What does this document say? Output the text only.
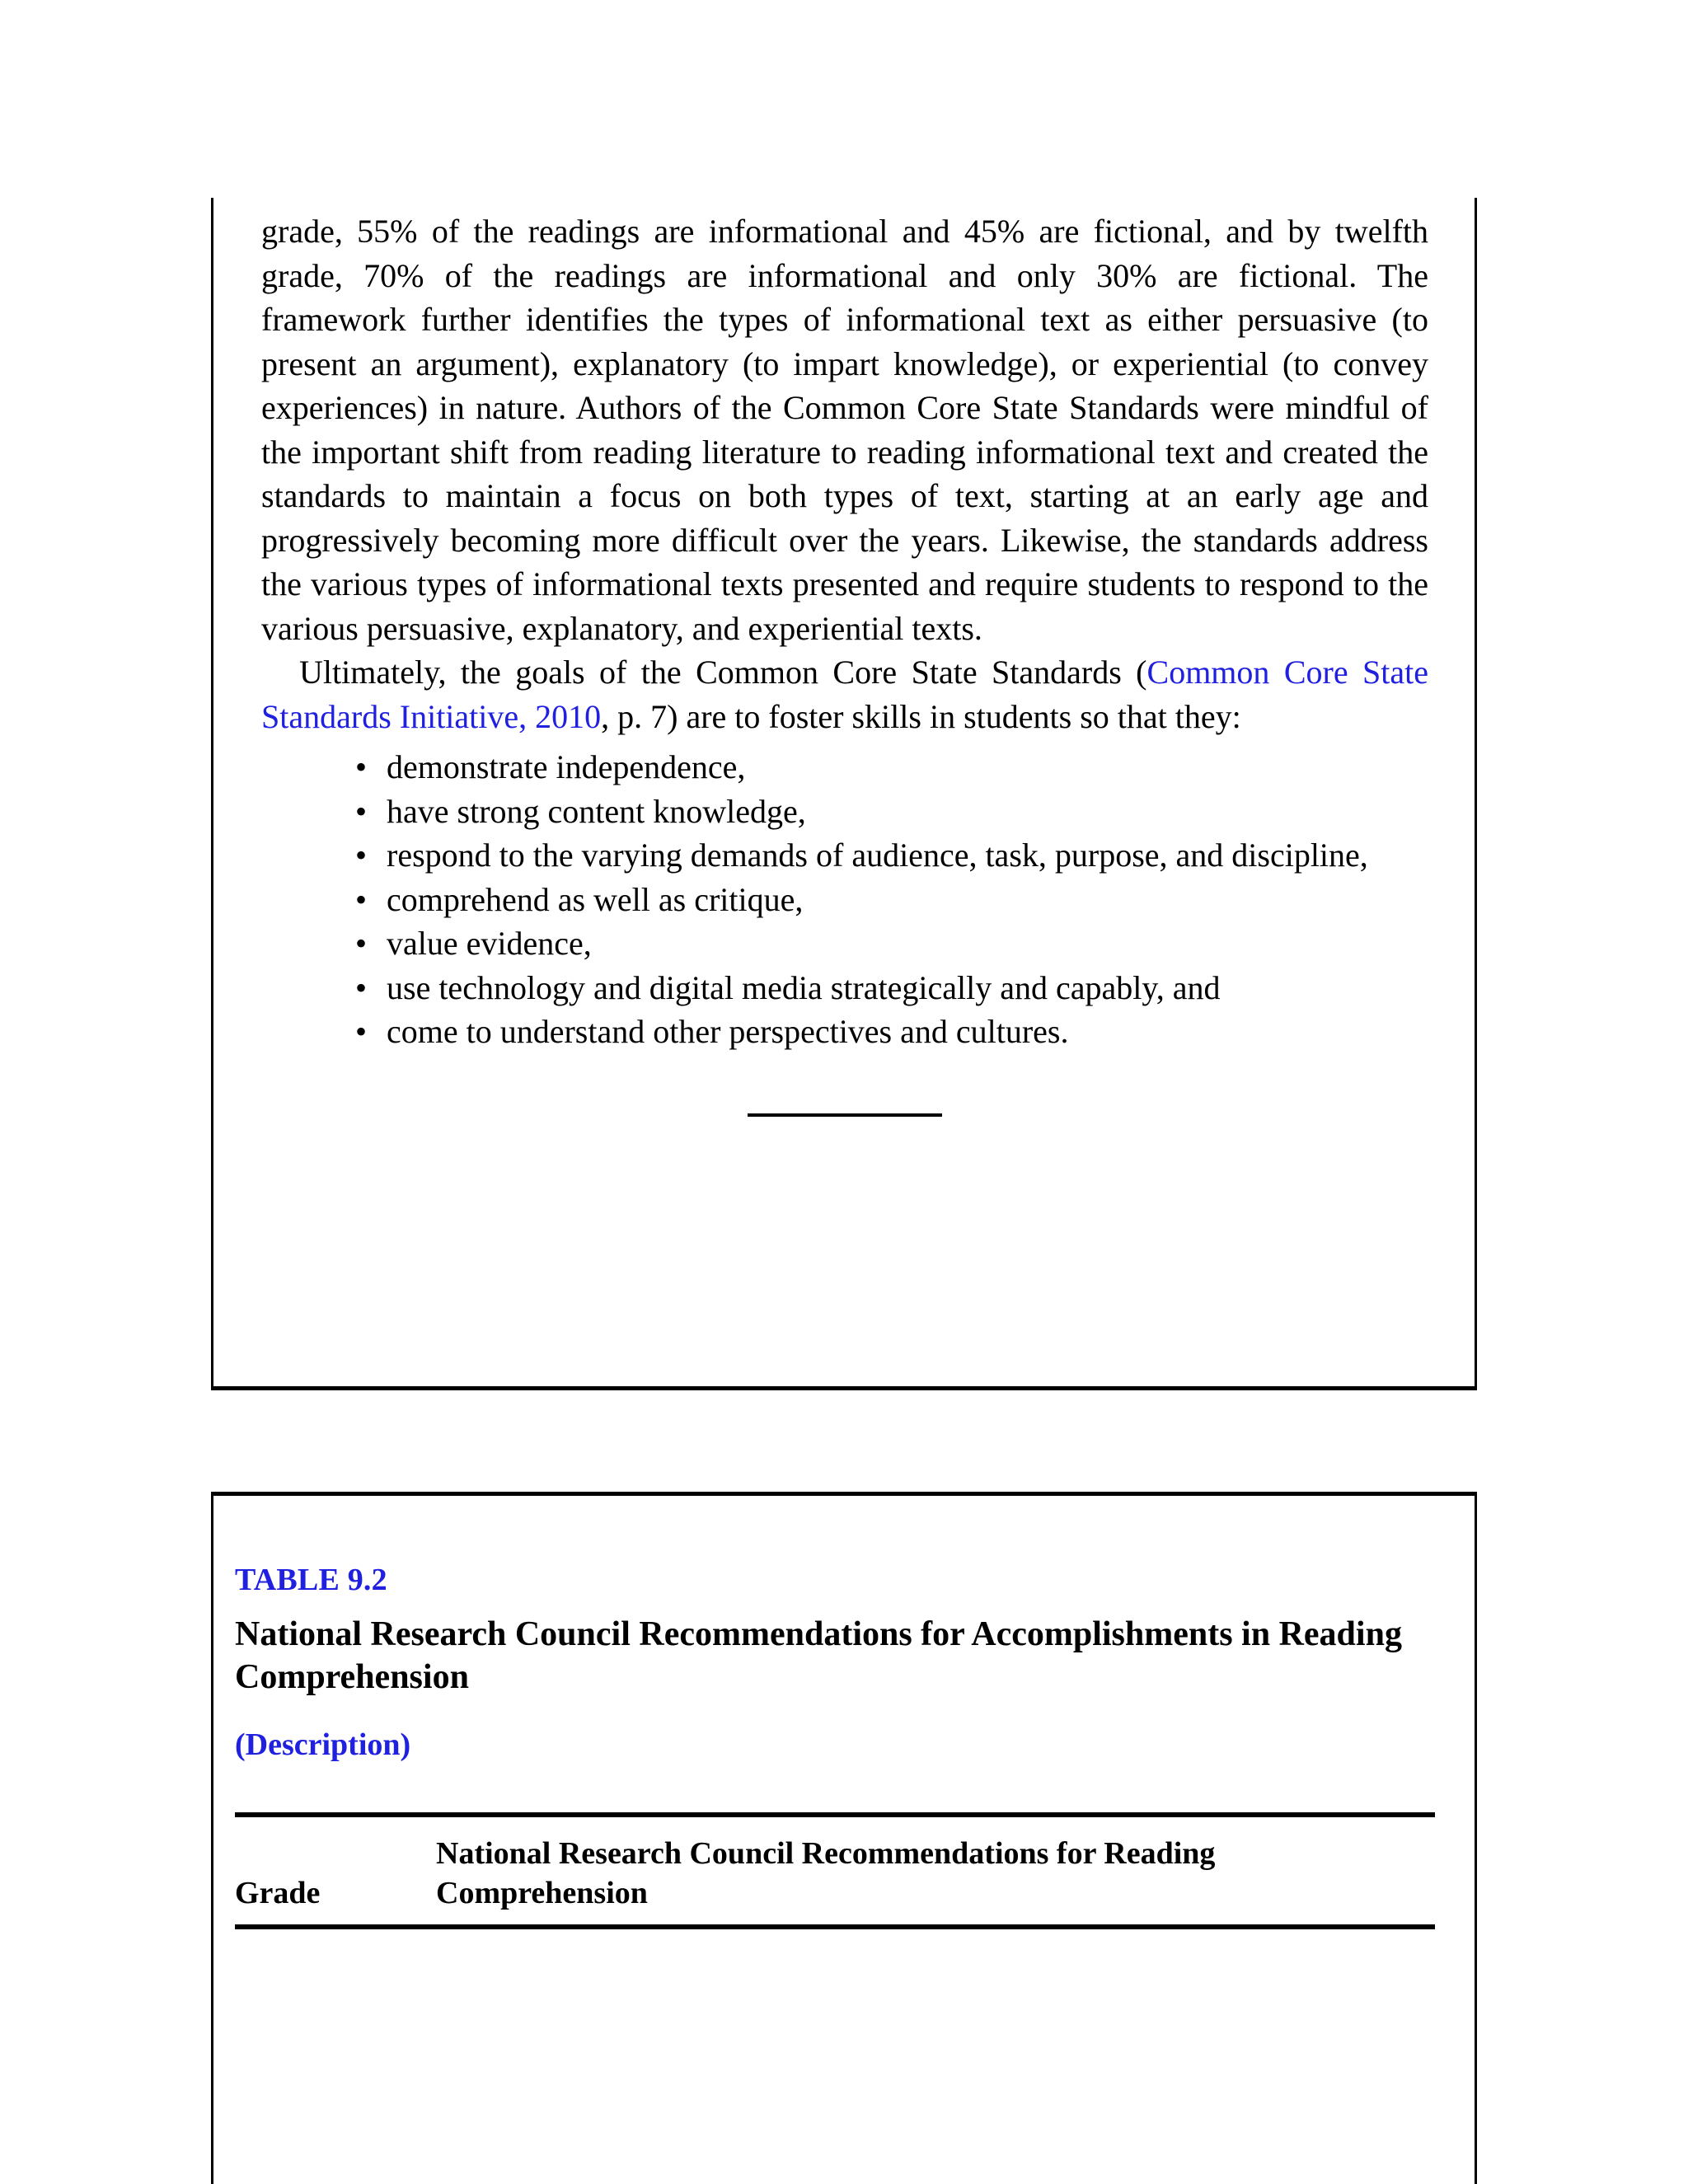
grade, 55% of the readings are informational and 45% are fictional, and by twelfth grade, 70% of the readings are informational and only 30% are fictional. The framework further identifies the types of informational text as either persuasive (to present an argument), explanatory (to impart knowledge), or experiential (to convey experiences) in nature. Authors of the Common Core State Standards were mindful of the important shift from reading literature to reading informational text and created the standards to maintain a focus on both types of text, starting at an early age and progressively becoming more difficult over the years. Likewise, the standards address the various types of informational texts presented and require students to respond to the various persuasive, explanatory, and experiential texts.

Ultimately, the goals of the Common Core State Standards (Common Core State Standards Initiative, 2010, p. 7) are to foster skills in students so that they:

• demonstrate independence,
• have strong content knowledge,
• respond to the varying demands of audience, task, purpose, and discipline,
• comprehend as well as critique,
• value evidence,
• use technology and digital media strategically and capably, and
• come to understand other perspectives and cultures.
TABLE 9.2
National Research Council Recommendations for Accomplishments in Reading Comprehension
(Description)
Grade	National Research Council Recommendations for Reading Comprehension
